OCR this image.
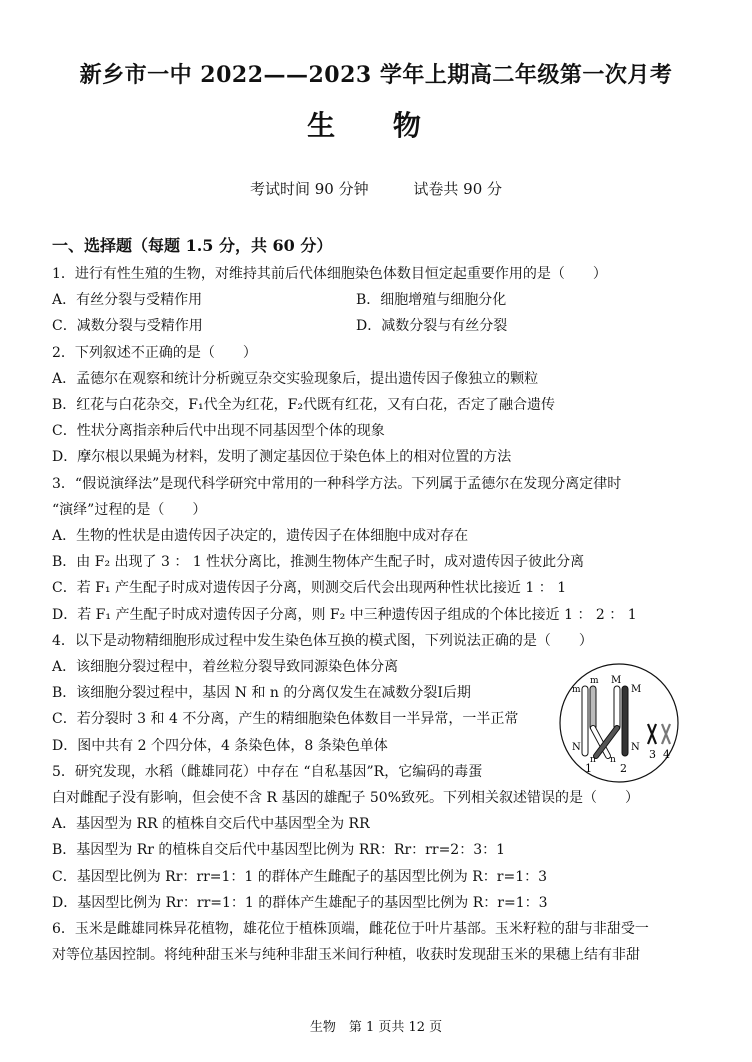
新乡市一中 2022——2023 学年上期高二年级第一次月考
生 物
考试时间 90 分钟	试卷共 90 分
一、选择题（每题 1.5 分，共 60 分）
1．进行有性生殖的生物，对维持其前后代体细胞染色体数目恒定起重要作用的是（　　）
A．有丝分裂与受精作用	B．细胞增殖与细胞分化
C．减数分裂与受精作用	D．减数分裂与有丝分裂
2．下列叙述不正确的是（　　）
A．孟德尔在观察和统计分析豌豆杂交实验现象后，提出遗传因子像独立的颗粒
B．红花与白花杂交，F₁代全为红花，F₂代既有红花，又有白花，否定了融合遗传
C．性状分离指亲种后代中出现不同基因型个体的现象
D．摩尔根以果蝇为材料，发明了测定基因位于染色体上的相对位置的方法
3．“假说演绎法”是现代科学研究中常用的一种科学方法。下列属于孟德尔在发现分离定律时
“演绎”过程的是（　　）
A．生物的性状是由遗传因子决定的，遗传因子在体细胞中成对存在
B．由 F₂ 出现了 3 ： 1 性状分离比，推测生物体产生配子时，成对遗传因子彼此分离
C．若 F₁ 产生配子时成对遗传因子分离，则测交后代会出现两种性状比接近 1 ： 1
D．若 F₁ 产生配子时成对遗传因子分离，则 F₂ 中三种遗传因子组成的个体比接近 1 ： 2 ： 1
4．以下是动物精细胞形成过程中发生染色体互换的模式图，下列说法正确的是（　　）
A．该细胞分裂过程中，着丝粒分裂导致同源染色体分离
B．该细胞分裂过程中，基因 N 和 n 的分离仅发生在减数分裂Ⅰ后期
C．若分裂时 3 和 4 不分离，产生的精细胞染色体数目一半异常，一半正常
D．图中共有 2 个四分体，4 条染色体，8 条染色单体
5．研究发现，水稻（雌雄同花）中存在 “自私基因”R，它编码的毒蛋
白对雌配子没有影响，但会使不含 R 基因的雄配子 50%致死。下列相关叙述错误的是（　　）
A．基因型为 RR 的植株自交后代中基因型全为 RR
B．基因型为 Rr 的植株自交后代中基因型比例为 RR：Rr：rr=2：3：1
C．基因型比例为 Rr：rr=1：1 的群体产生雌配子的基因型比例为 R：r=1：3
D．基因型比例为 Rr：rr=1：1 的群体产生雄配子的基因型比例为 R：r=1：3
6．玉米是雌雄同株异花植物，雄花位于植株顶端，雌花位于叶片基部。玉米籽粒的甜与非甜受一
对等位基因控制。将纯种甜玉米与纯种非甜玉米间行种植，收获时发现甜玉米的果穗上结有非甜
m
m M
M
N
n n
N
1	2
3 4
生物　第 1 页共 12 页
